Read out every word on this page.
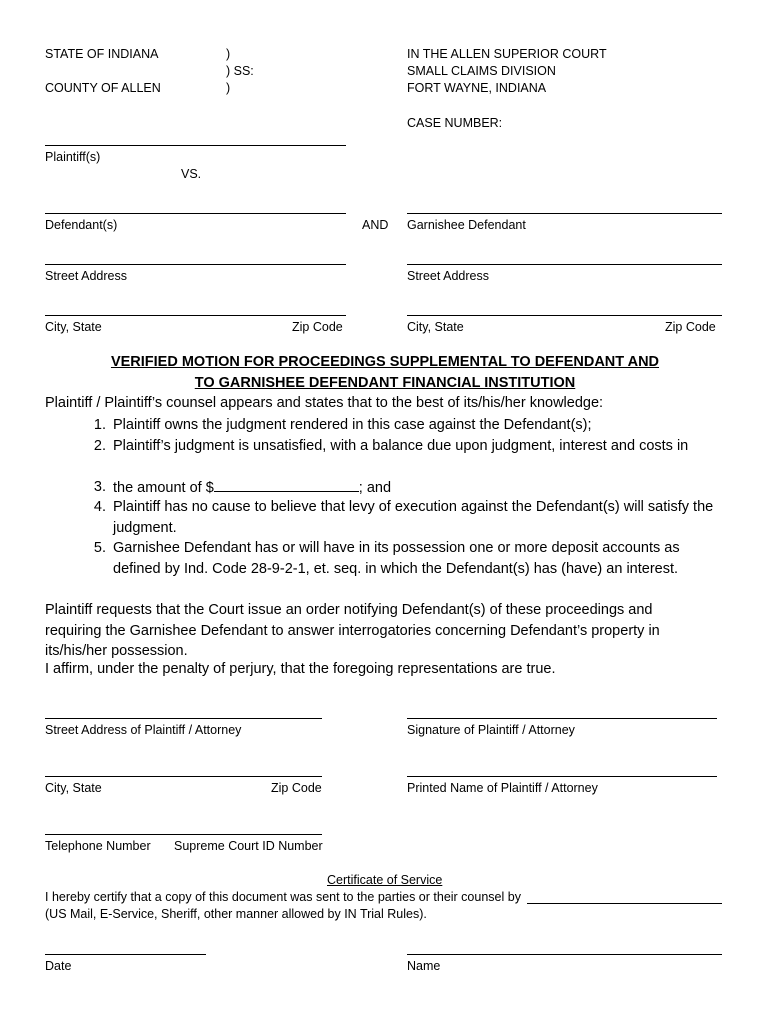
STATE OF INDIANA
COUNTY OF ALLEN
)
) SS:
)
IN THE ALLEN SUPERIOR COURT
SMALL CLAIMS DIVISION
FORT WAYNE, INDIANA
CASE NUMBER:
Plaintiff(s)
VS.
Defendant(s)	AND Garnishee Defendant
Street Address	Street Address
City, State	Zip Code	City, State	Zip Code
VERIFIED MOTION FOR PROCEEDINGS SUPPLEMENTAL TO DEFENDANT AND
TO GARNISHEE DEFENDANT FINANCIAL INSTITUTION
Plaintiff / Plaintiff’s counsel appears and states that to the best of its/his/her knowledge:
1. Plaintiff owns the judgment rendered in this case against the Defendant(s);
2. Plaintiff’s judgment is unsatisfied, with a balance due upon judgment, interest and costs in
3. the amount of $	; and
4. Plaintiff has no cause to believe that levy of execution against the Defendant(s) will satisfy the judgment.
5. Garnishee Defendant has or will have in its possession one or more deposit accounts as defined by Ind. Code 28-9-2-1, et. seq. in which the Defendant(s) has (have) an interest.
Plaintiff requests that the Court issue an order notifying Defendant(s) of these proceedings and requiring the Garnishee Defendant to answer interrogatories concerning Defendant’s property in its/his/her possession.
I affirm, under the penalty of perjury, that the foregoing representations are true.
Street Address of Plaintiff / Attorney	Signature of Plaintiff / Attorney
City, State	Zip Code	Printed Name of Plaintiff / Attorney
Telephone Number Supreme Court ID Number
Certificate of Service
I hereby certify that a copy of this document was sent to the parties or their counsel by
(US Mail, E-Service, Sheriff, other manner allowed by IN Trial Rules).
Date	Name
